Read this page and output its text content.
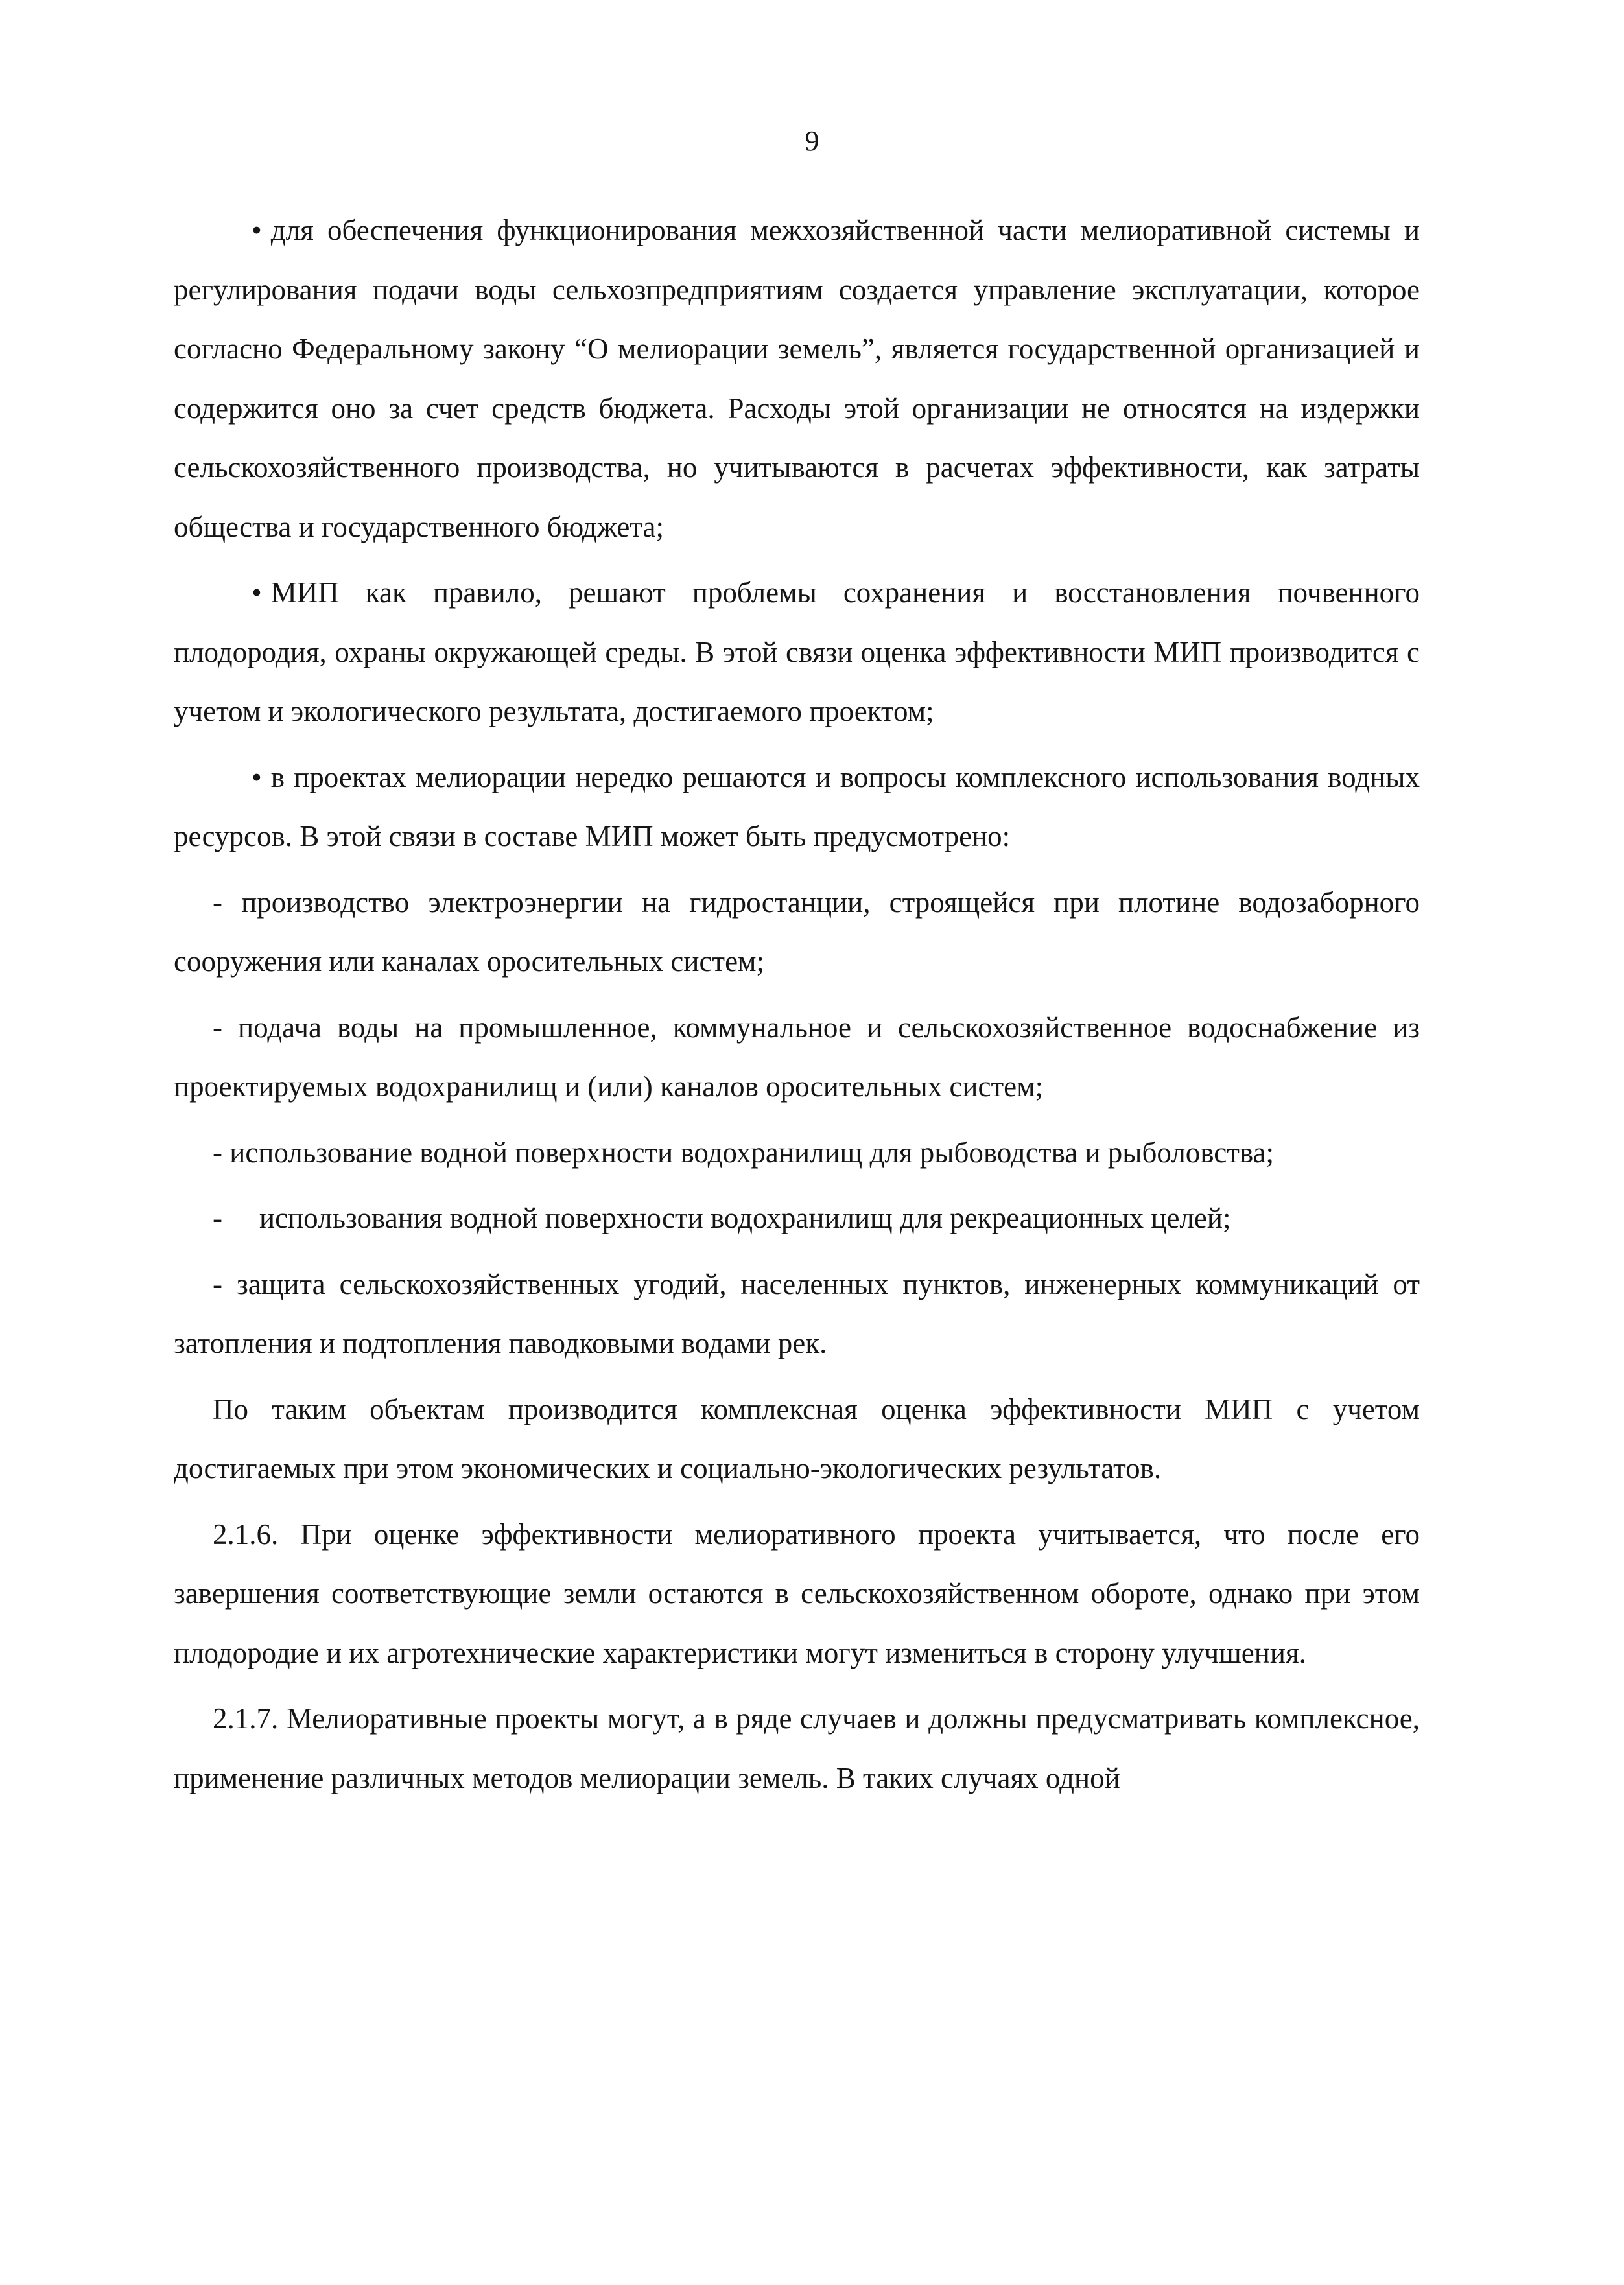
9

• для обеспечения функционирования межхозяйственной части мелиоративной системы и регулирования подачи воды сельхозпредприятиям создается управление эксплуатации, которое согласно Федеральному закону “О мелиорации земель”, является государственной организацией и содержится оно за счет средств бюджета. Расходы этой организации не относятся на издержки сельскохозяйственного производства, но учитываются в расчетах эффективности, как затраты общества и государственного бюджета;

• МИП как правило, решают проблемы сохранения и восстановления почвенного плодородия, охраны окружающей среды. В этой связи оценка эффективности МИП производится с учетом и экологического результата, достигаемого проектом;

• в проектах мелиорации нередко решаются и вопросы комплексного использования водных ресурсов. В этой связи в составе МИП может быть предусмотрено:

- производство электроэнергии на гидростанции, строящейся при плотине водозаборного сооружения или каналах оросительных систем;

- подача воды на промышленное, коммунальное и сельскохозяйственное водоснабжение из проектируемых водохранилищ и (или) каналов оросительных систем;

- использование водной поверхности водохранилищ для рыбоводства и рыболовства;

- использования водной поверхности водохранилищ для рекреационных целей;

- защита сельскохозяйственных угодий, населенных пунктов, инженерных коммуникаций от затопления и подтопления паводковыми водами рек.

По таким объектам производится комплексная оценка эффективности МИП с учетом достигаемых при этом экономических и социально-экологических результатов.

2.1.6. При оценке эффективности мелиоративного проекта учитывается, что после его завершения соответствующие земли остаются в сельскохозяйственном обороте, однако при этом плодородие и их агротехнические характеристики могут измениться в сторону улучшения.

2.1.7. Мелиоративные проекты могут, а в ряде случаев и должны предусматривать комплексное, применение различных методов мелиорации земель. В таких случаях одной
